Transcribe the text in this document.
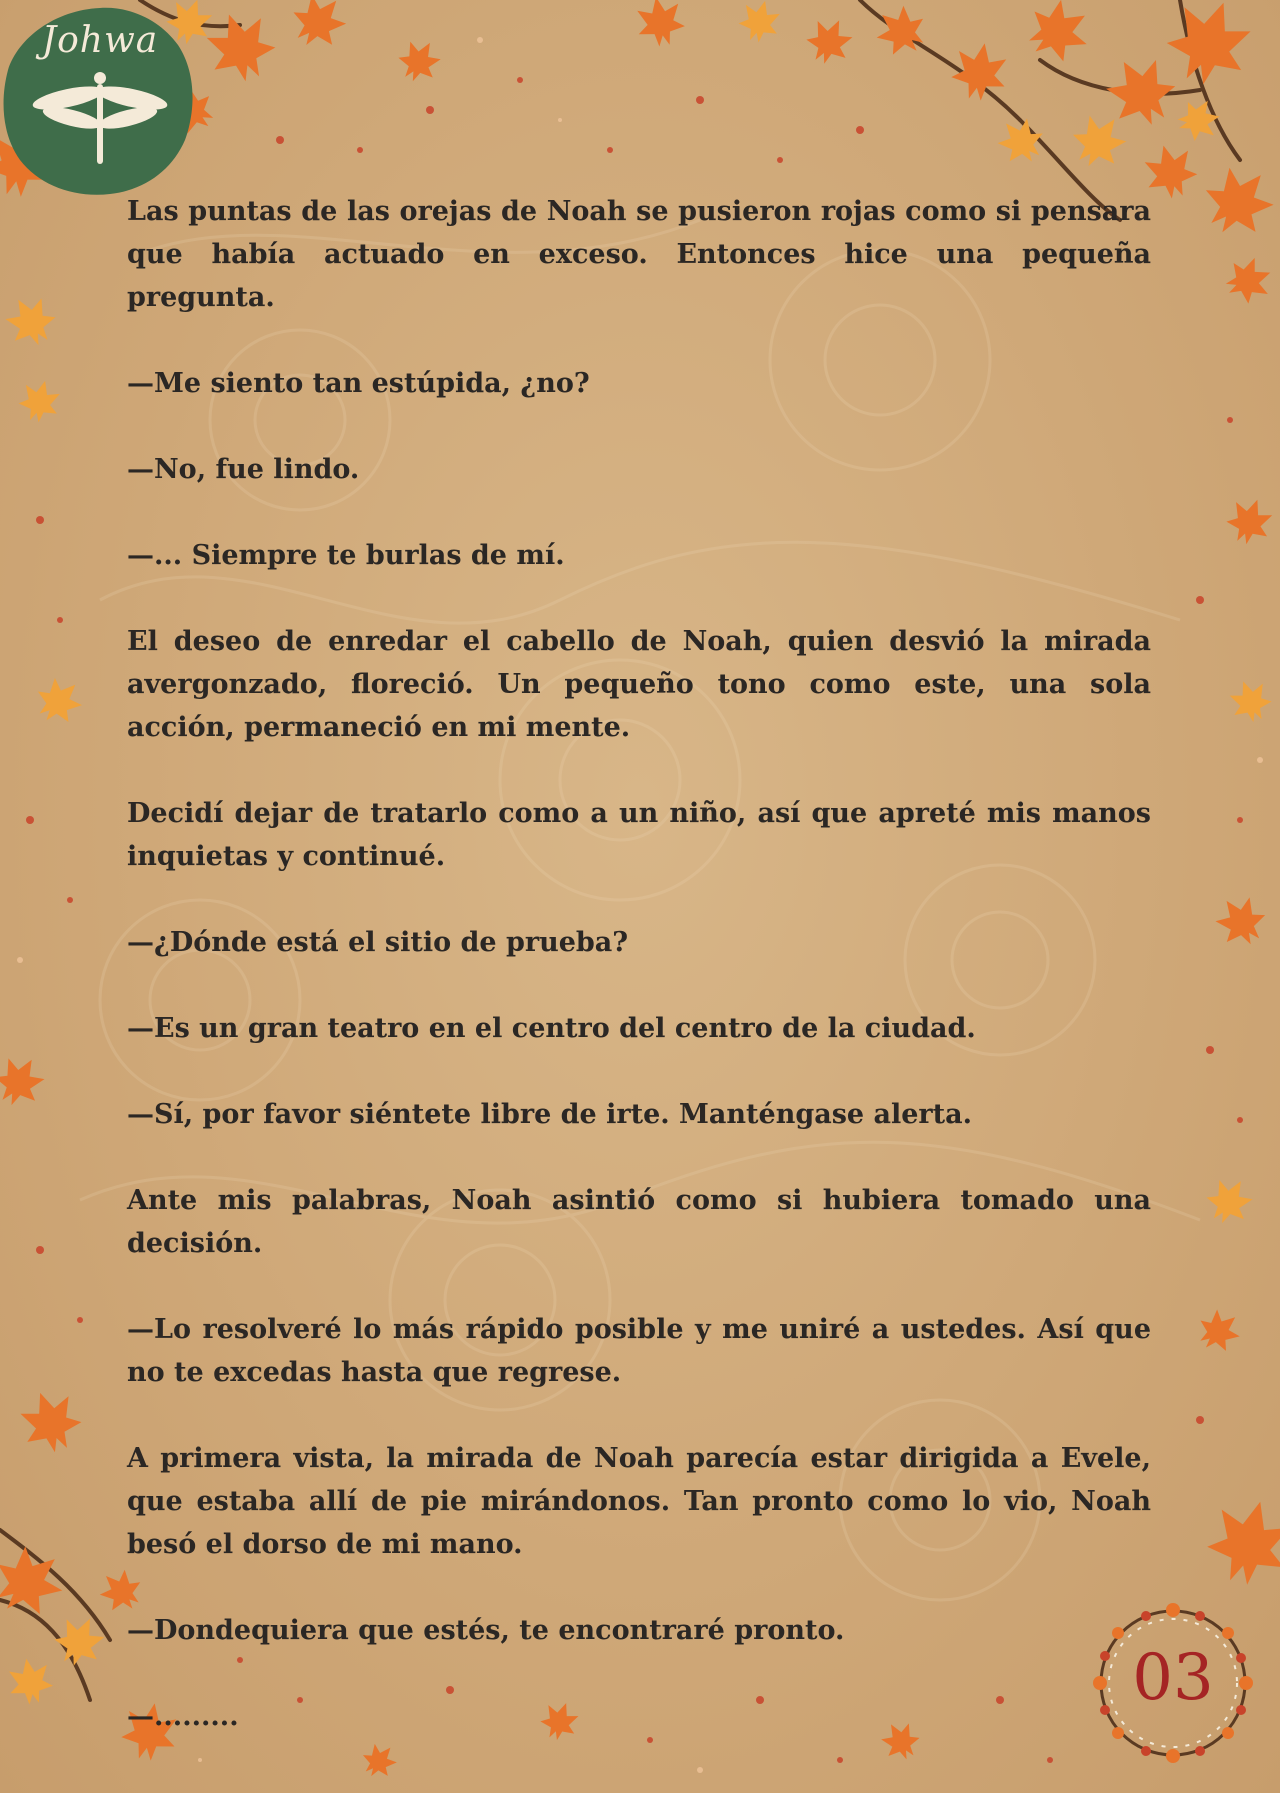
Johwa

Las puntas de las orejas de Noah se pusieron rojas como si pensara que había actuado en exceso. Entonces hice una pequeña pregunta.

—Me siento tan estúpida, ¿no?

—No, fue lindo.

—... Siempre te burlas de mí.

El deseo de enredar el cabello de Noah, quien desvió la mirada avergonzado, floreció. Un pequeño tono como este, una sola acción, permaneció en mi mente.

Decidí dejar de tratarlo como a un niño, así que apreté mis manos inquietas y continué.

—¿Dónde está el sitio de prueba?

—Es un gran teatro en el centro del centro de la ciudad.

—Sí, por favor siéntete libre de irte. Manténgase alerta.

Ante mis palabras, Noah asintió como si hubiera tomado una decisión.

—Lo resolveré lo más rápido posible y me uniré a ustedes. Así que no te excedas hasta que regrese.

A primera vista, la mirada de Noah parecía estar dirigida a Evele, que estaba allí de pie mirándonos. Tan pronto como lo vio, Noah besó el dorso de mi mano.

—Dondequiera que estés, te encontraré pronto.

—.........

03
